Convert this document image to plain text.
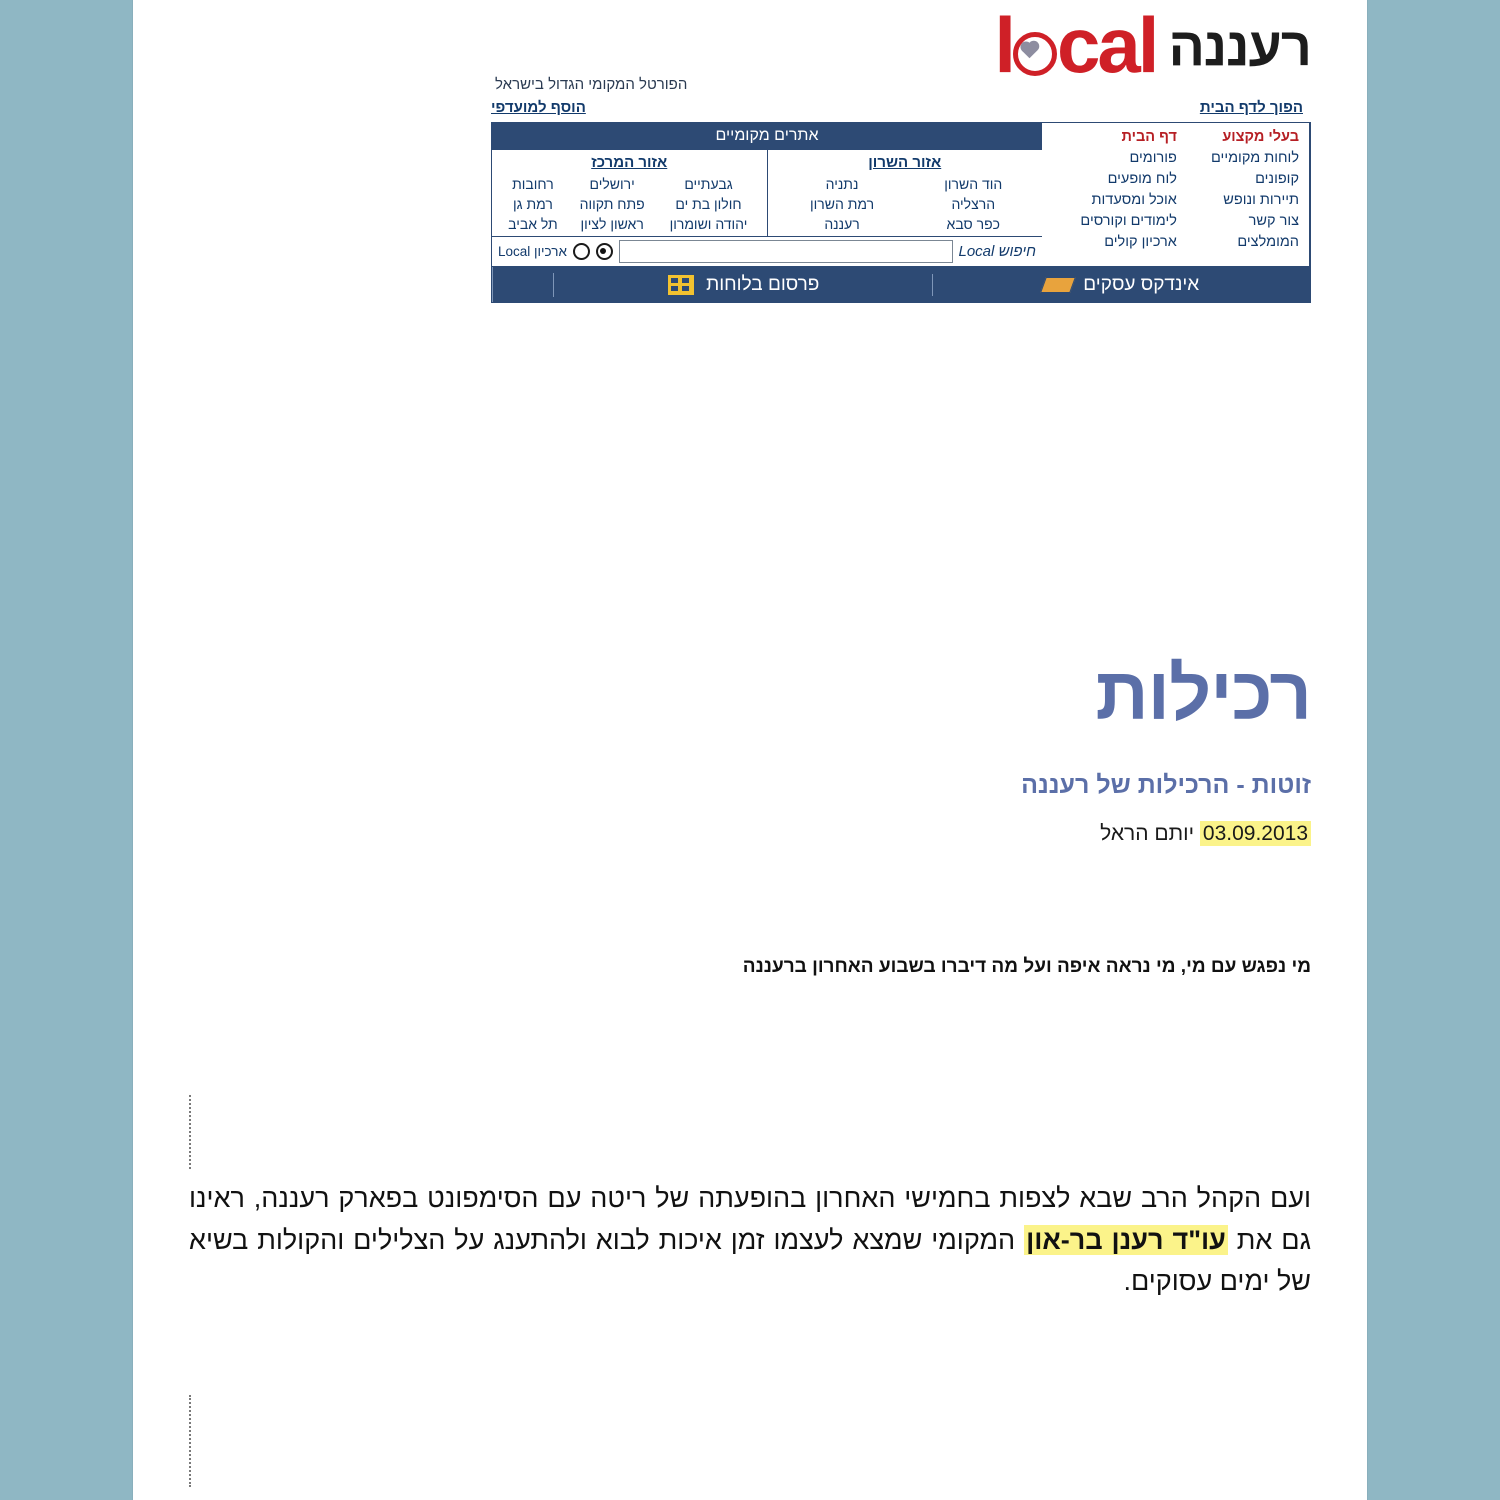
רעננה
l cal
הפורטל המקומי הגדול בישראל
הפוך לדף הבית
הוסף למועדפי
בעלי מקצוע	דף הבית
לוחות מקומיים	פורומים
קופונים	לוח מופעים
תיירות ונופש	אוכל ומסעדות
צור קשר	לימודים וקורסים
המומלצים	ארכיון קולים
אתרים מקומיים
אזור השרון
הוד השרון	נתניה
הרצליה	רמת השרון
כפר סבא	רעננה
אזור המרכז
גבעתיים	ירושלים	רחובות
חולון בת ים	פתח תקווה	רמת גן
יהודה ושומרון	ראשון לציון	תל אביב
חיפוש Local
ארכיון Local
אינדקס עסקים
פרסום בלוחות
רכילות
זוטות - הרכילות של רעננה
03.09.2013 יותם הראל
מי נפגש עם מי, מי נראה איפה ועל מה דיברו בשבוע האחרון ברעננה
ועם הקהל הרב שבא לצפות בחמישי האחרון בהופעתה של ריטה עם הסימפונט בפארק רעננה, ראינו גם את עו"ד רענן בר-און המקומי שמצא לעצמו זמן איכות לבוא ולהתענג על הצלילים והקולות בשיא של ימים עסוקים.
